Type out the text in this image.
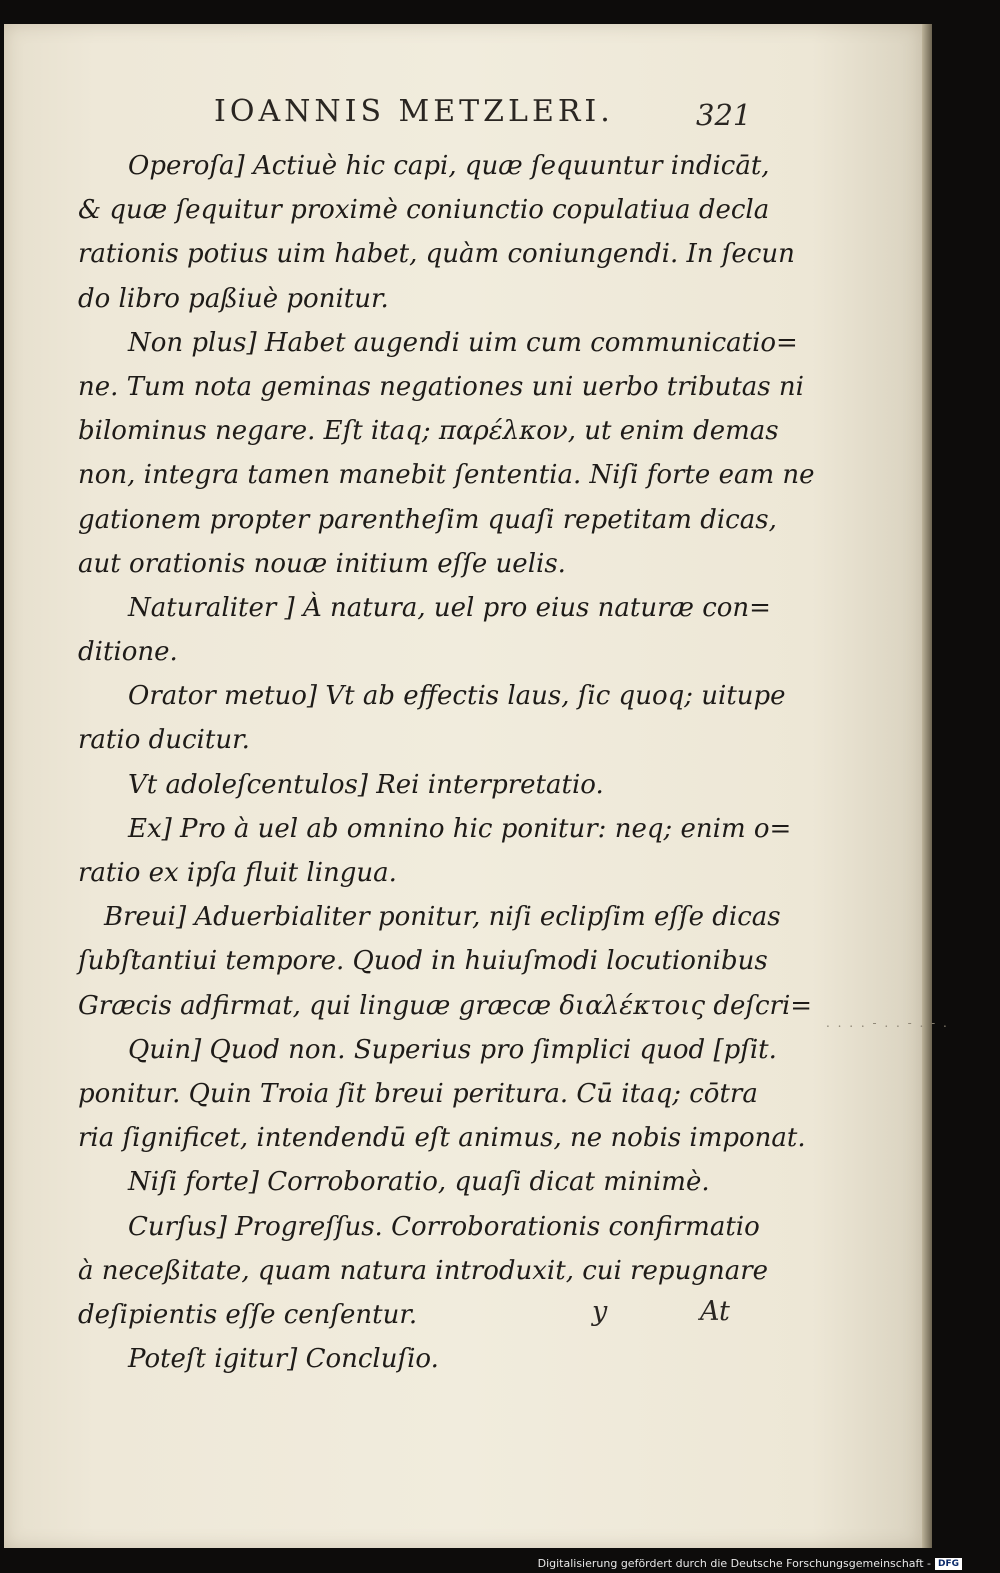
IOANNIS METZLERI.	321
Operoſa] Actiuè hic capi, quæ ſequuntur indicāt,
& quæ ſequitur proximè coniunctio copulatiua decla
rationis potius uim habet, quàm coniungendi. In ſecun
do libro paßiuè ponitur.
Non plus] Habet augendi uim cum communicatio=
ne. Tum nota geminas negationes uni uerbo tributas ni
bilominus negare. Eſt itaq; παρέλκον, ut enim demas
non, integra tamen manebit ſententia. Niſi forte eam ne
gationem propter parentheſim quaſi repetitam dicas,
aut orationis nouæ initium eſſe uelis.
Naturaliter ] À natura, uel pro eius naturæ con=
ditione.
Orator metuo] Vt ab effectis laus, ſic quoq; uitupe
ratio ducitur.
Vt adoleſcentulos] Rei interpretatio.
Ex] Pro à uel ab omnino hic ponitur: neq; enim o=
ratio ex ipſa fluit lingua.
Breui] Aduerbialiter ponitur, niſi eclipſim eſſe dicas
ſubſtantiui tempore. Quod in huiuſmodi locutionibus
Græcis adfirmat, qui linguæ græcæ διαλέκτοις deſcri=
Quin] Quod non. Superius pro ſimplici quod [pſit.
ponitur. Quin Troia ſit breui peritura. Cū itaq; cōtra
ria ſignificet, intendendū eſt animus, ne nobis imponat.
Niſi forte] Corroboratio, quaſi dicat minimè.
Curſus] Progreſſus. Corroborationis confirmatio
à neceßitate, quam natura introduxit, cui repugnare
deſipientis eſſe cenſentur.
Poteſt igitur] Concluſio.
. . . . - . . - . - .
y	At
Digitalisierung gefördert durch die Deutsche Forschungsgemeinschaft - DFG
